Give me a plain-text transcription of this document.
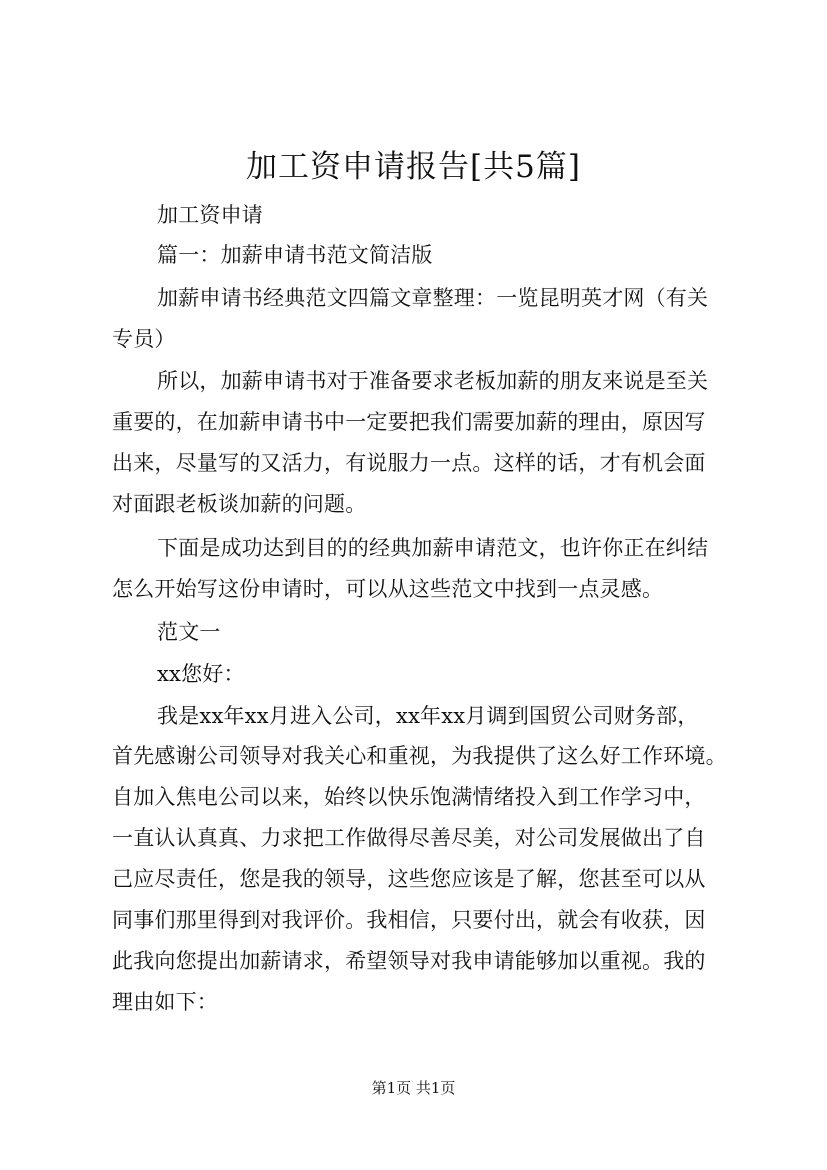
加工资申请报告[共5篇]
加工资申请
篇一：加薪申请书范文简洁版
加薪申请书经典范文四篇文章整理：一览昆明英才网（有关
专员）
所以，加薪申请书对于准备要求老板加薪的朋友来说是至关
重要的，在加薪申请书中一定要把我们需要加薪的理由，原因写
出来，尽量写的又活力，有说服力一点。这样的话，才有机会面
对面跟老板谈加薪的问题。
下面是成功达到目的的经典加薪申请范文，也许你正在纠结
怎么开始写这份申请时，可以从这些范文中找到一点灵感。
范文一
xx您好：
我是xx年xx月进入公司，xx年xx月调到国贸公司财务部，
首先感谢公司领导对我关心和重视，为我提供了这么好工作环境。
自加入焦电公司以来，始终以快乐饱满情绪投入到工作学习中，
一直认认真真、力求把工作做得尽善尽美，对公司发展做出了自
己应尽责任，您是我的领导，这些您应该是了解，您甚至可以从
同事们那里得到对我评价。我相信，只要付出，就会有收获，因
此我向您提出加薪请求，希望领导对我申请能够加以重视。我的
理由如下：
第1页 共1页
